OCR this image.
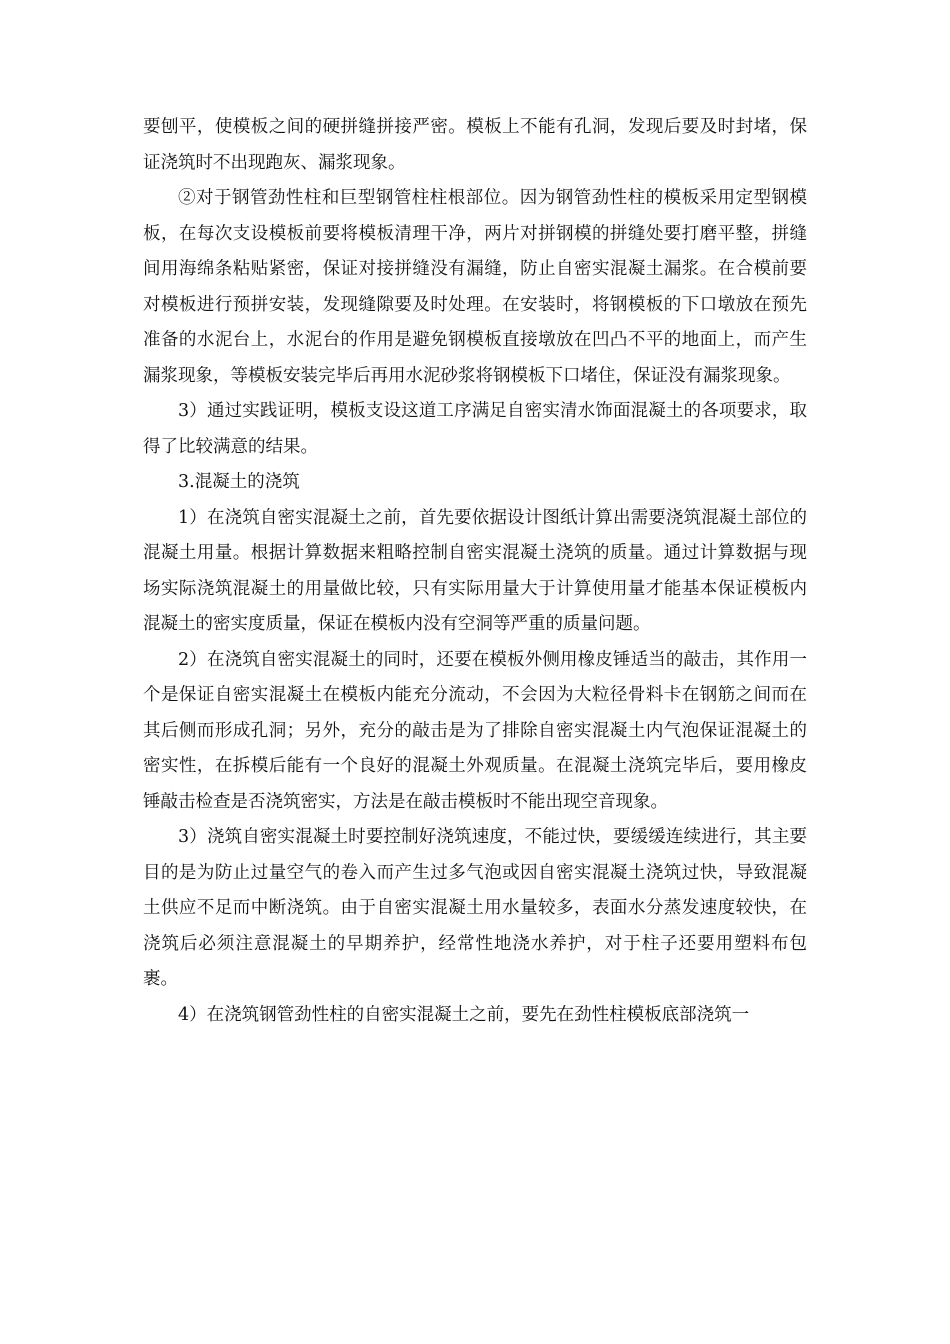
要刨平，使模板之间的硬拼缝拼接严密。模板上不能有孔洞，发现后要及时封堵，保证浇筑时不出现跑灰、漏浆现象。

②对于钢管劲性柱和巨型钢管柱柱根部位。因为钢管劲性柱的模板采用定型钢模板，在每次支设模板前要将模板清理干净，两片对拼钢模的拼缝处要打磨平整，拼缝间用海绵条粘贴紧密，保证对接拼缝没有漏缝，防止自密实混凝土漏浆。在合模前要对模板进行预拼安装，发现缝隙要及时处理。在安装时，将钢模板的下口墩放在预先准备的水泥台上，水泥台的作用是避免钢模板直接墩放在凹凸不平的地面上，而产生漏浆现象，等模板安装完毕后再用水泥砂浆将钢模板下口堵住，保证没有漏浆现象。

3）通过实践证明，模板支设这道工序满足自密实清水饰面混凝土的各项要求，取得了比较满意的结果。

3.混凝土的浇筑

1）在浇筑自密实混凝土之前，首先要依据设计图纸计算出需要浇筑混凝土部位的混凝土用量。根据计算数据来粗略控制自密实混凝土浇筑的质量。通过计算数据与现场实际浇筑混凝土的用量做比较，只有实际用量大于计算使用量才能基本保证模板内混凝土的密实度质量，保证在模板内没有空洞等严重的质量问题。

2）在浇筑自密实混凝土的同时，还要在模板外侧用橡皮锤适当的敲击，其作用一个是保证自密实混凝土在模板内能充分流动，不会因为大粒径骨料卡在钢筋之间而在其后侧而形成孔洞；另外，充分的敲击是为了排除自密实混凝土内气泡保证混凝土的密实性，在拆模后能有一个良好的混凝土外观质量。在混凝土浇筑完毕后，要用橡皮锤敲击检查是否浇筑密实，方法是在敲击模板时不能出现空音现象。

3）浇筑自密实混凝土时要控制好浇筑速度，不能过快，要缓缓连续进行，其主要目的是为防止过量空气的卷入而产生过多气泡或因自密实混凝土浇筑过快，导致混凝土供应不足而中断浇筑。由于自密实混凝土用水量较多，表面水分蒸发速度较快，在浇筑后必须注意混凝土的早期养护，经常性地浇水养护，对于柱子还要用塑料布包裹。

4）在浇筑钢管劲性柱的自密实混凝土之前，要先在劲性柱模板底部浇筑一
